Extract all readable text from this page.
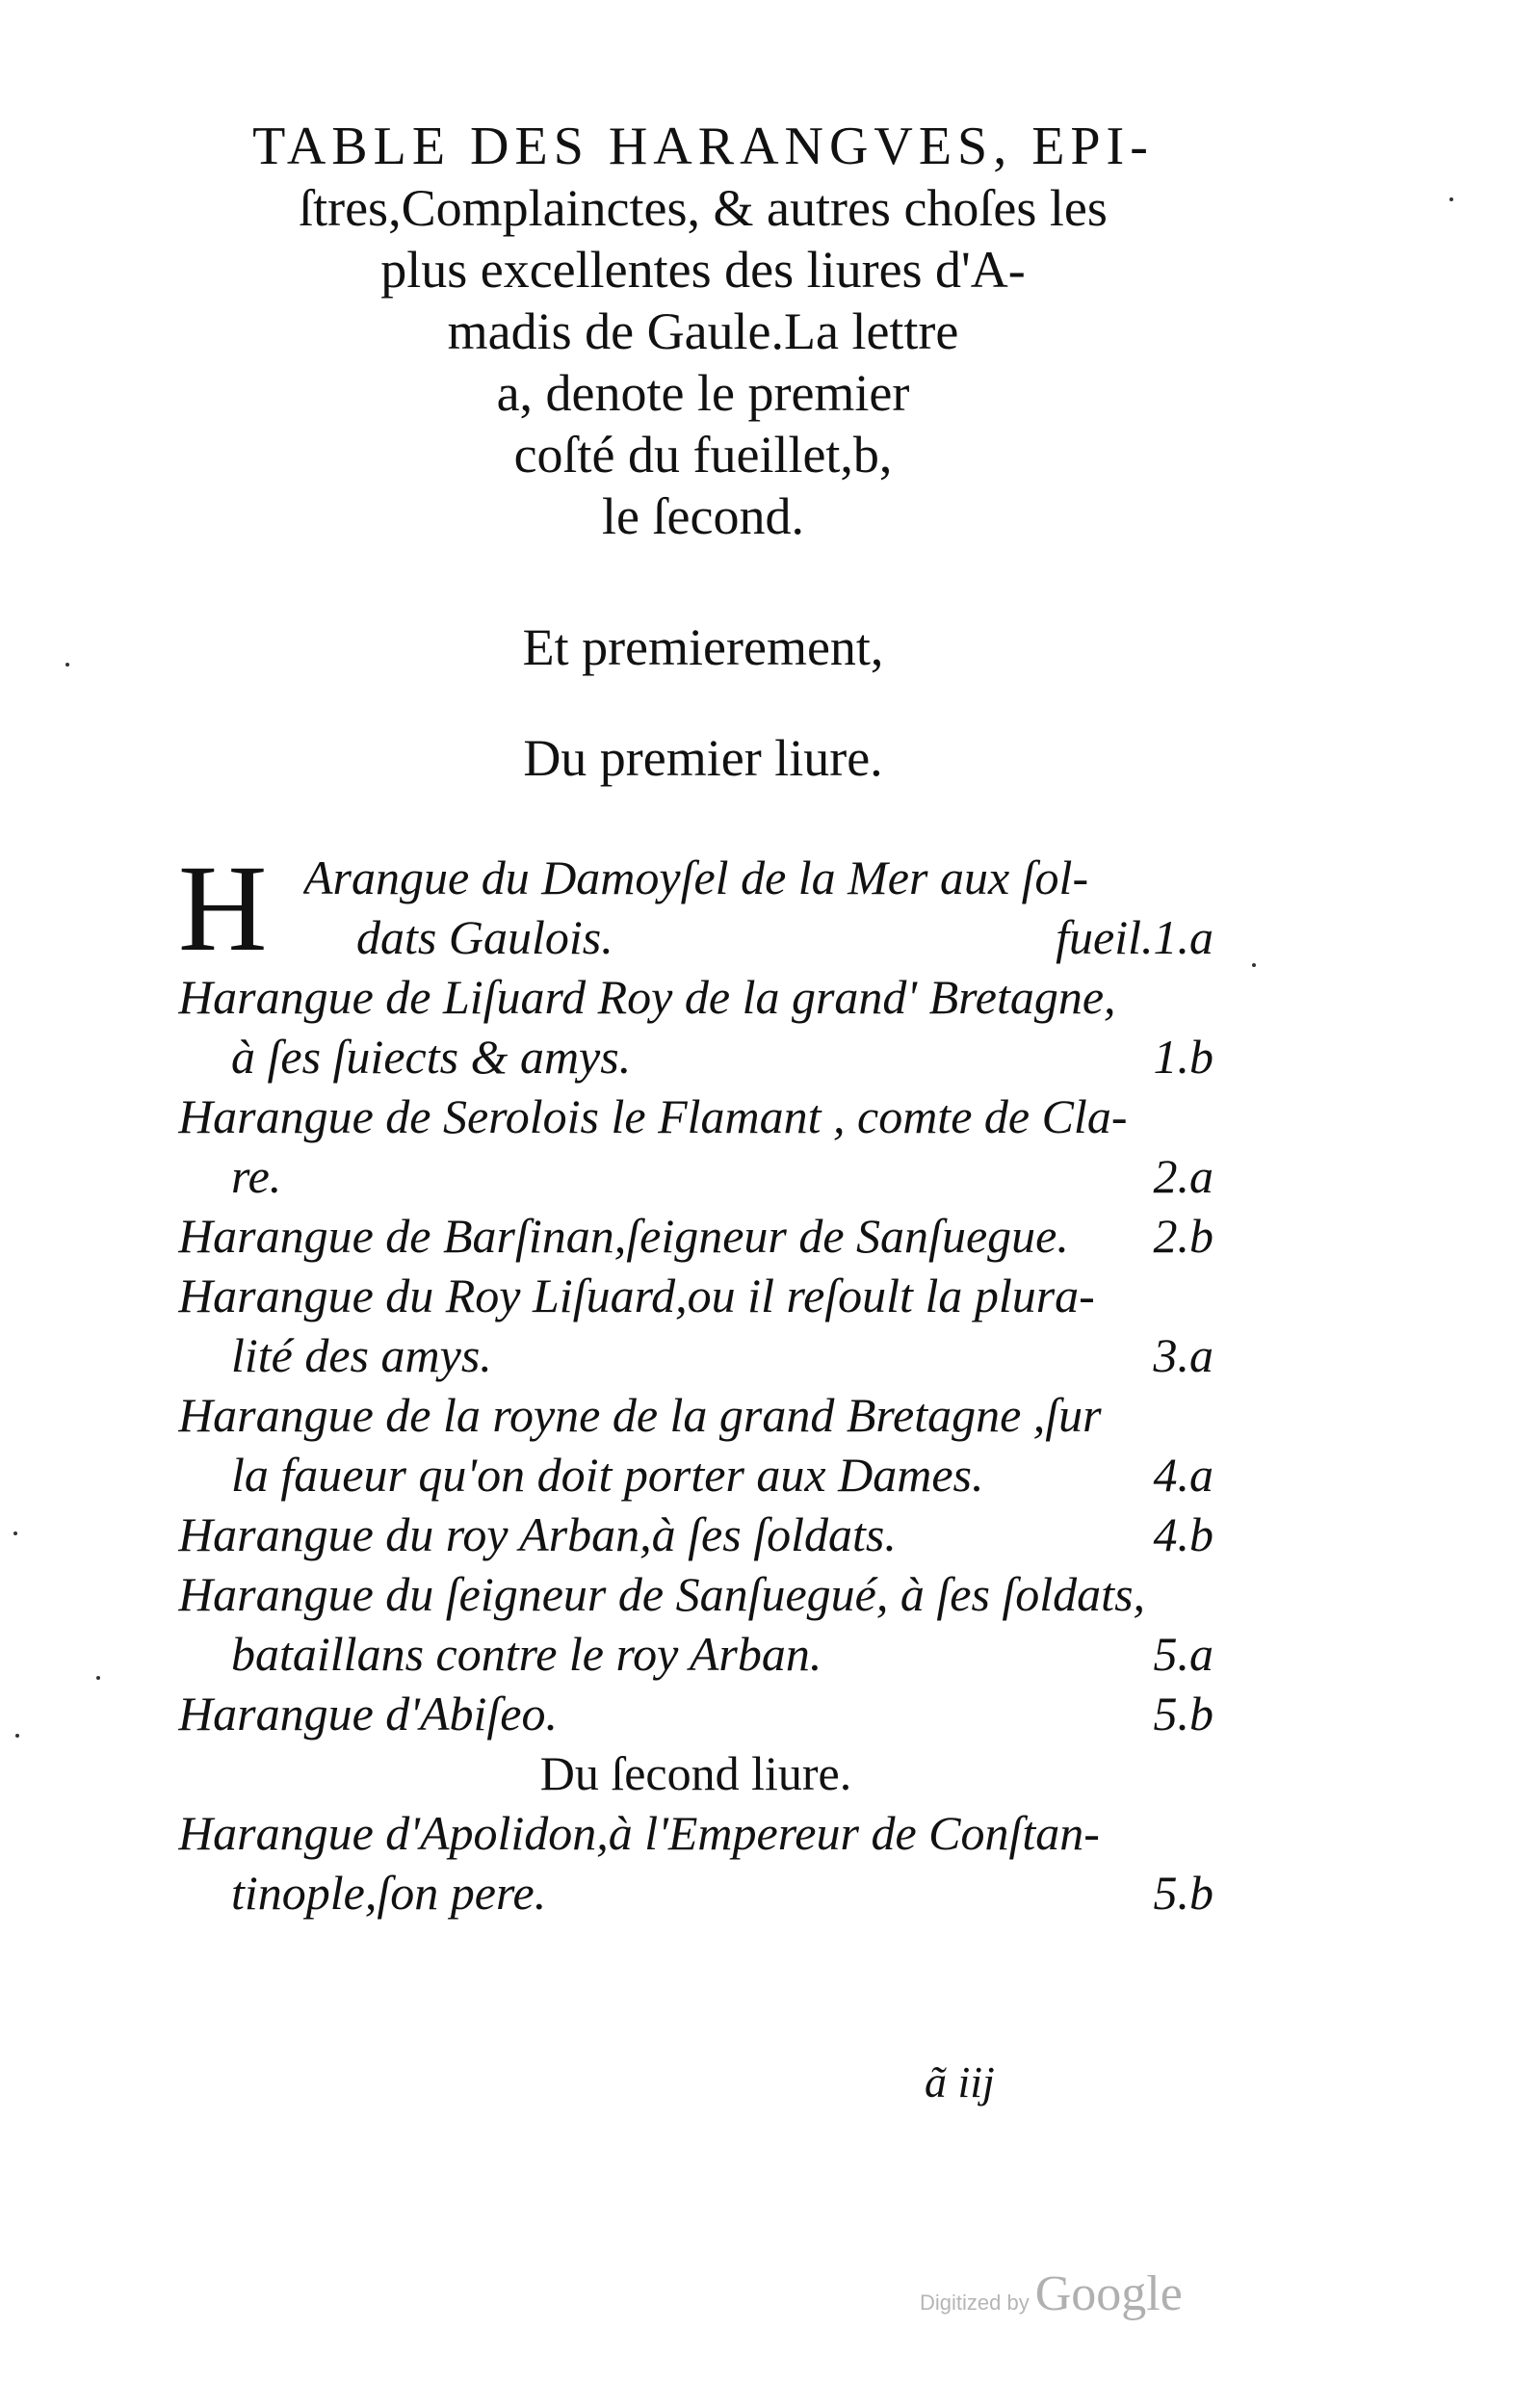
TABLE DES HARANGVES, EPI-
ſtres,Complainctes, & autres choſes les
plus excellentes des liures d'A-
madis de Gaule.La lettre
a, denote le premier
coſté du fueillet,b,
le ſecond.
Et premierement,
Du premier liure.
H Arangue du Damoyſel de la Mer aux ſol-
dats Gaulois.	fueil.1.a
Harangue de Liſuard Roy de la grand' Bretagne,
à ſes ſuiects & amys.	1.b
Harangue de Serolois le Flamant , comte de Cla-
re.	2.a
Harangue de Barſinan,ſeigneur de Sanſuegue.	2.b
Harangue du Roy Liſuard,ou il reſoult la plura-
lité des amys.	3.a
Harangue de la royne de la grand Bretagne ,ſur
la faueur qu'on doit porter aux Dames.	4.a
Harangue du roy Arban,à ſes ſoldats.	4.b
Harangue du ſeigneur de Sanſuegué, à ſes ſoldats,
bataillans contre le roy Arban.	5.a
Harangue d'Abiſeo.	5.b
Du ſecond liure.
Harangue d'Apolidon,à l'Empereur de Conſtan-
tinople,ſon pere.	5.b
ã iij
Digitized by Google
